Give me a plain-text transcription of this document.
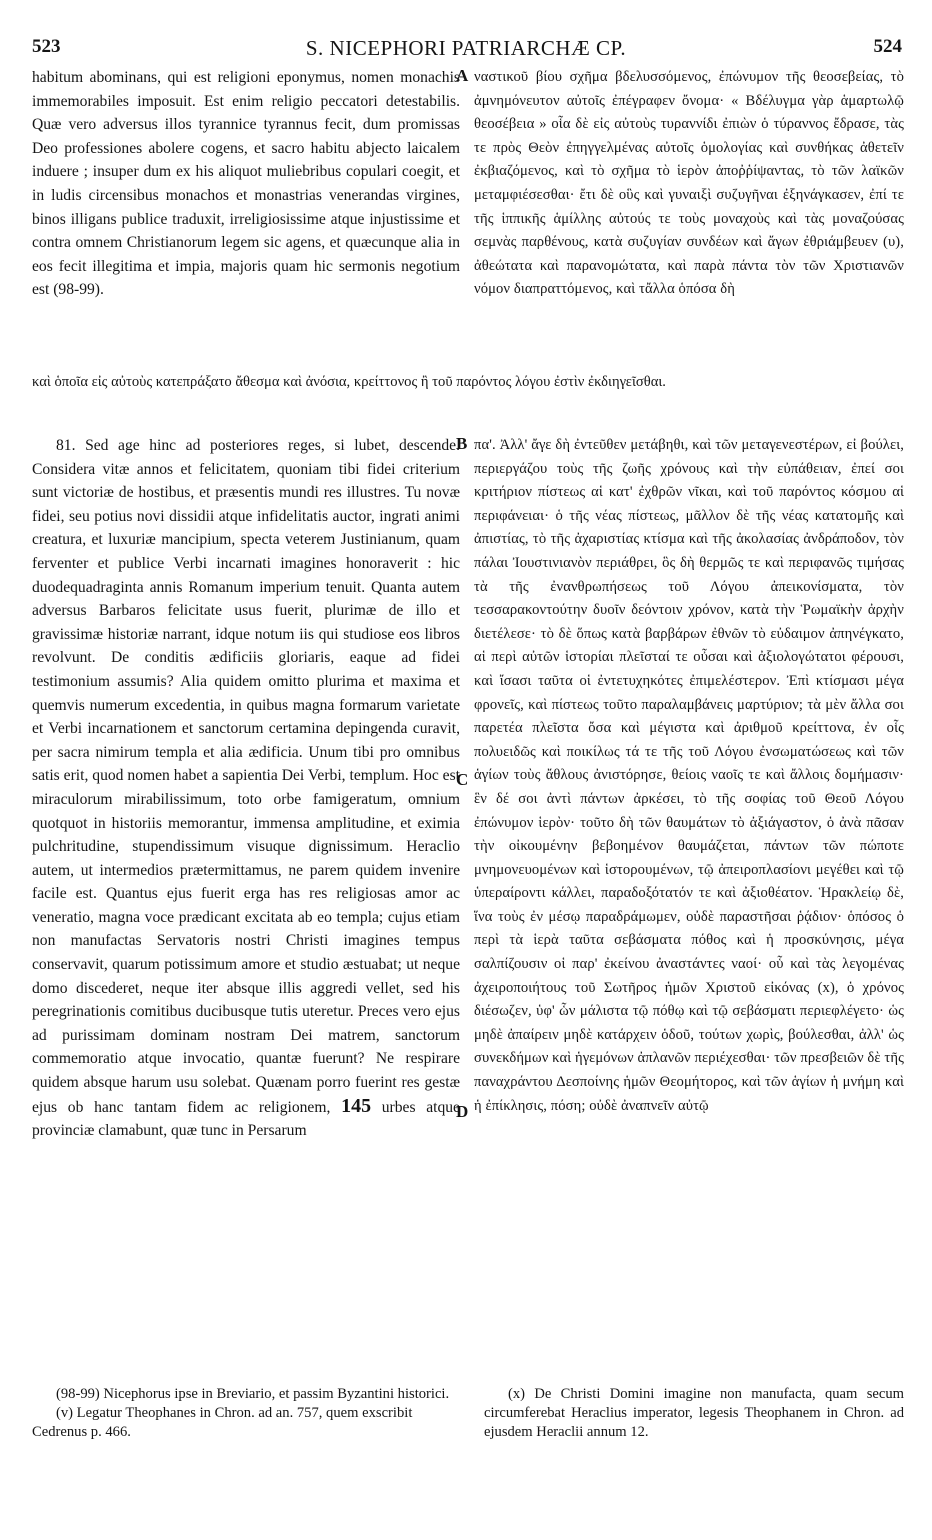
523	S. NICEPHORI PATRIARCHÆ CP.	524

habitum abominans, qui est religioni eponymus, nomen monachis immemorabiles imposuit. Est enim religio peccatori detestabilis. Quæ vero adversus illos tyrannice tyrannus fecit, dum promissas Deo professiones abolere cogens, et sacro habitu abjecto laicalem induere ; insuper dum ex his aliquot muliebribus copulari coegit, et in ludis circensibus monachos et monastrias venerandas virgines, binos illigans publice traduxit, irreligiosissime atque injustissime et contra omnem Christianorum legem sic agens, et quæcunque alia in eos fecit illegitima et impia, majoris quam hic sermonis negotium est (98-99).

A ναστικοῦ βίου σχῆμα βδελυσσόμενος, ἐπώνυμον τῆς θεοσεβείας, τὸ ἀμνημόνευτον αὐτοῖς ἐπέγραφεν ὄνομα· « Βδέλυγμα γὰρ ἁμαρτωλῷ θεοσέβεια » οἷα δὲ εἰς αὐτοὺς τυραννίδι ἐπιὼν ὁ τύραννος ἔδρασε, τὰς τε πρὸς Θεὸν ἐπηγγελμένας αὐτοῖς ὁμολογίας καὶ συνθήκας ἀθετεῖν ἐκβιαζόμενος, καὶ τὸ σχῆμα τὸ ἱερὸν ἀποῤῥίψαντας, τὸ τῶν λαϊκῶν μεταμφιέσεσθαι· ἔτι δὲ οὓς καὶ γυναιξὶ συζυγῆναι ἐξηνάγκασεν, ἐπί τε τῆς ἱππικῆς ἁμίλλης αὐτούς τε τοὺς μοναχοὺς καὶ τὰς μοναζούσας σεμνὰς παρθένους, κατὰ συζυγίαν συνδέων καὶ ἄγων ἐθριάμβευεν (υ), ἀθεώτατα καὶ παρανομώτατα, καὶ παρὰ πάντα τὸν τῶν Χριστιανῶν νόμον διαπραττόμενος, καὶ τἄλλα ὁπόσα δὴ

καὶ ὁποῖα εἰς αὐτοὺς κατεπράξατο ἄθεσμα καὶ ἀνόσια, κρείττονος ἢ τοῦ παρόντος λόγου ἐστὶν ἐκδιηγεῖσθαι.

81. Sed age hinc ad posteriores reges, si lubet, descende. Considera vitæ annos et felicitatem, quoniam tibi fidei criterium sunt victoriæ de hostibus, et præsentis mundi res illustres. Tu novæ fidei, seu potius novi dissidii atque infidelitatis auctor, ingrati animi creatura, et luxuriæ mancipium, specta veterem Justinianum, quam ferventer et publice Verbi incarnati imagines honoraverit : hic duodequadraginta annis Romanum imperium tenuit. Quanta autem adversus Barbaros felicitate usus fuerit, plurimæ de illo et gravissimæ historiæ narrant, idque notum iis qui studiose eos libros revolvunt. De conditis ædificiis gloriaris, eaque ad fidei testimonium assumis? Alia quidem omitto plurima et maxima et quemvis numerum excedentia, in quibus magna formarum varietate et Verbi incarnationem et sanctorum certamina depingenda curavit, per sacra nimirum templa et alia ædificia. Unum tibi pro omnibus satis erit, quod nomen habet a sapientia Dei Verbi, templum. Hoc est miraculorum mirabilissimum, toto orbe famigeratum, omnium quotquot in historiis memorantur, immensa amplitudine, et eximia pulchritudine, stupendissimum visuque dignissimum. Heraclio autem, ut intermedios prætermittamus, ne parem quidem invenire facile est. Quantus ejus fuerit erga has res religiosas amor ac veneratio, magna voce prædicant excitata ab eo templa; cujus etiam non manufactas Servatoris nostri Christi imagines tempus conservavit, quarum potissimum amore et studio æstuabat; ut neque domo discederet, neque iter absque illis aggredi vellet, sed his peregrinationis comitibus ducibusque tutis uteretur. Preces vero ejus ad purissimam dominam nostram Dei matrem, sanctorum commemoratio atque invocatio, quantæ fuerunt? Ne respirare quidem absque harum usu solebat. Quænam porro fuerint res gestæ ejus ob hanc tantam fidem ac religionem, 145 urbes atque provinciæ clamabunt, quæ tunc in Persarum

B
C
D

πα'. Ἀλλ' ἄγε δὴ ἐντεῦθεν μετάβηθι, καὶ τῶν μεταγενεστέρων, εἰ βούλει, περιεργάζου τοὺς τῆς ζωῆς χρόνους καὶ τὴν εὐπάθειαν, ἐπεί σοι κριτήριον πίστεως αἱ κατ' ἐχθρῶν νῖκαι, καὶ τοῦ παρόντος κόσμου αἱ περιφάνειαι· ὁ τῆς νέας πίστεως, μᾶλλον δὲ τῆς νέας κατατομῆς καὶ ἀπιστίας, τὸ τῆς ἀχαριστίας κτίσμα καὶ τῆς ἀκολασίας ἀνδράποδον, τὸν πάλαι Ἰουστινιανὸν περιάθρει, ὃς δὴ θερμῶς τε καὶ περιφανῶς τιμήσας τὰ τῆς ἐνανθρωπήσεως τοῦ Λόγου ἀπεικονίσματα, τὸν τεσσαρακοντούτην δυοῖν δεόντοιν χρόνον, κατὰ τὴν Ῥωμαϊκὴν ἀρχὴν διετέλεσε· τὸ δὲ ὅπως κατὰ βαρβάρων ἐθνῶν τὸ εὐδαιμον ἀπηνέγκατο, αἱ περὶ αὐτῶν ἱστορίαι πλεῖσταί τε οὖσαι καὶ ἀξιολογώτατοι φέρουσι, καὶ ἴσασι ταῦτα οἱ ἐντετυχηκότες ἐπιμελέστερον. Ἐπὶ κτίσμασι μέγα φρονεῖς, καὶ πίστεως τοῦτο παραλαμβάνεις μαρτύριον; τὰ μὲν ἄλλα σοι παρετέα πλεῖστα ὄσα καὶ μέγιστα καὶ ἀριθμοῦ κρείττονα, ἐν οἷς πολυειδῶς καὶ ποικίλως τά τε τῆς τοῦ Λόγου ἐνσωματώσεως καὶ τῶν ἁγίων τοὺς ἄθλους ἀνιστόρησε, θείοις ναοῖς τε καὶ ἄλλοις δομήμασιν· ἓν δέ σοι ἀντὶ πάντων ἀρκέσει, τὸ τῆς σοφίας τοῦ Θεοῦ Λόγου ἐπώνυμον ἱερὸν· τοῦτο δὴ τῶν θαυμάτων τὸ ἀξιάγαστον, ὁ ἀνὰ πᾶσαν τὴν οἰκουμένην βεβοημένον θαυμάζεται, πάντων τῶν πώποτε μνημονευομένων καὶ ἱστορουμένων, τῷ ἀπειροπλασίονι μεγέθει καὶ τῷ ὑπεραίροντι κάλλει, παραδοξότατόν τε καὶ ἀξιοθέατον. Ἡρακλείῳ δὲ, ἵνα τοὺς ἐν μέσῳ παραδράμωμεν, οὐδὲ παραστῆσαι ῥᾴδιον· ὁπόσος ὁ περὶ τὰ ἱερὰ ταῦτα σεβάσματα πόθος καὶ ἡ προσκύνησις, μέγα σαλπίζουσιν οἱ παρ' ἐκείνου ἀναστάντες ναοί· οὗ καὶ τὰς λεγομένας ἀχειροποιήτους τοῦ Σωτῆρος ἡμῶν Χριστοῦ εἰκόνας (x), ὁ χρόνος διέσωζεν, ὑφ' ὧν μάλιστα τῷ πόθῳ καὶ τῷ σεβάσματι περιεφλέγετο· ὡς μηδὲ ἀπαίρειν μηδὲ κατάρχειν ὁδοῦ, τούτων χωρὶς, βούλεσθαι, ἀλλ' ὡς συνεκδήμων καὶ ἡγεμόνων ἀπλανῶν περιέχεσθαι· τῶν πρεσβειῶν δὲ τῆς παναχράντου Δεσποίνης ἡμῶν Θεομήτορος, καὶ τῶν ἁγίων ἡ μνήμη καὶ ἡ ἐπίκλησις, πόση; οὐδὲ ἀναπνεῖν αὐτῷ

(98-99) Nicephorus ipse in Breviario, et passim Byzantini historici.

(v) Legatur Theophanes in Chron. ad an. 757, quem exscribit Cedrenus p. 466.

(x) De Christi Domini imagine non manufacta, quam secum circumferebat Heraclius imperator, legesis Theophanem in Chron. ad ejusdem Heraclii annum 12.
